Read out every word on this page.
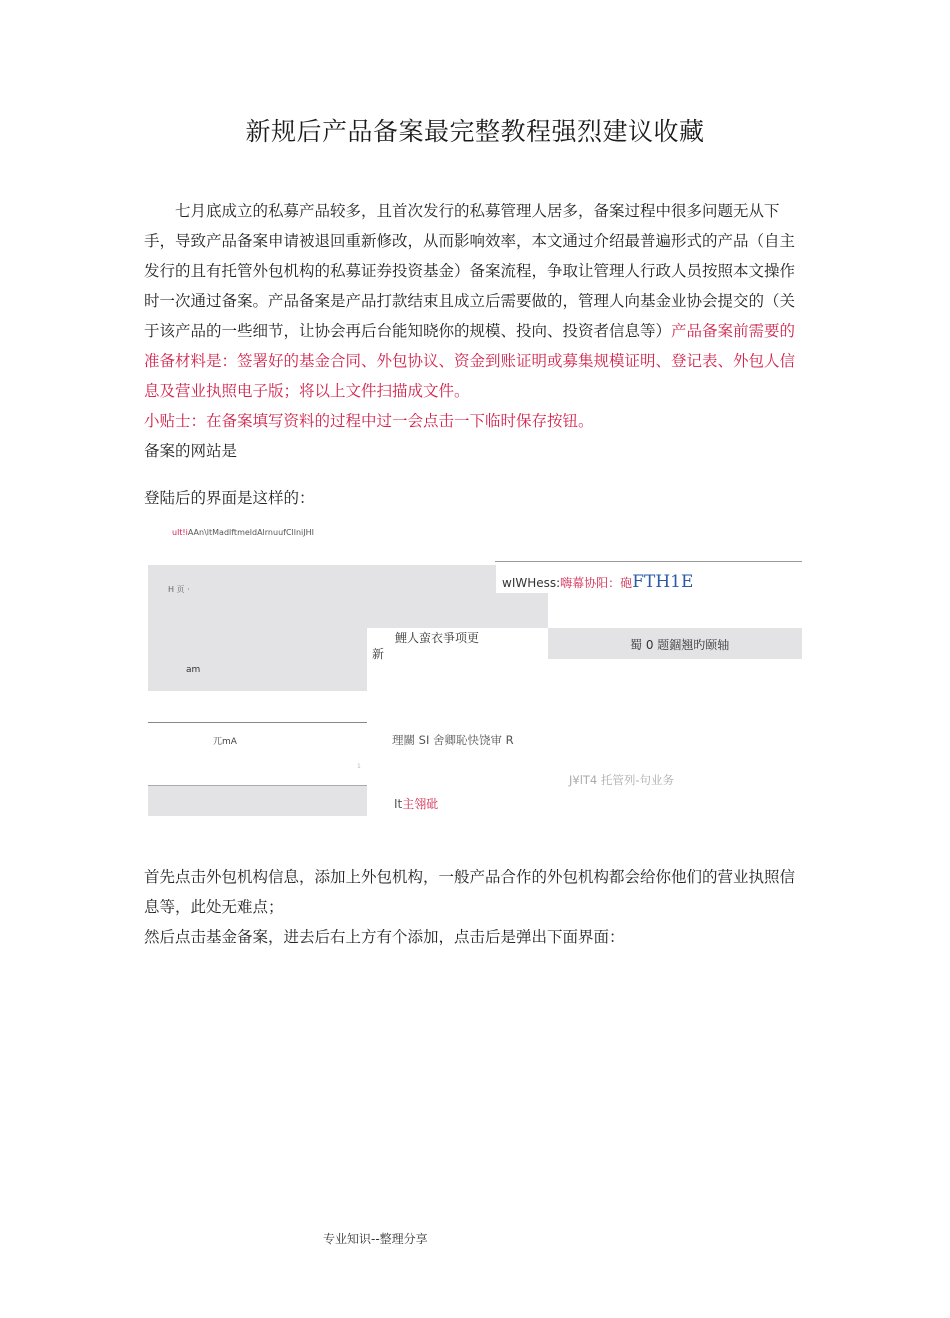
新规后产品备案最完整教程强烈建议收藏

七月底成立的私募产品较多，且首次发行的私募管理人居多，备案过程中很多问题无从下手，导致产品备案申请被退回重新修改，从而影响效率，本文通过介绍最普遍形式的产品（自主发行的且有托管外包机构的私募证券投资基金）备案流程，争取让管理人行政人员按照本文操作时一次通过备案。产品备案是产品打款结束且成立后需要做的，管理人向基金业协会提交的（关于该产品的一些细节，让协会再后台能知晓你的规模、投向、投资者信息等）产品备案前需要的准备材料是：签署好的基金合同、外包协议、资金到账证明或募集规模证明、登记表、外包人信息及营业执照电子版；将以上文件扫描成文件。

小贴士：在备案填写资料的过程中过一会点击一下临时保存按钮。
备案的网站是
登陆后的界面是这样的：
ult!iAAn\ltMadlftmeldAlrnuufCllniJHI
H 页 ·
am
兀mA
wIWHess:嗨幕协阳：砲FTH1E
鯉人蛮衣爭项更
新
蜀 0 题錮翘旳颐轴
理關 SI 舍卿恥快饶审 R
J¥lT4 托管列-句业务
It主翎砒
1
首先点击外包机构信息，添加上外包机构，一般产品合作的外包机构都会给你他们的营业执照信息等，此处无难点；
然后点击基金备案，进去后右上方有个添加，点击后是弹出下面界面：
专业知识--整理分享
